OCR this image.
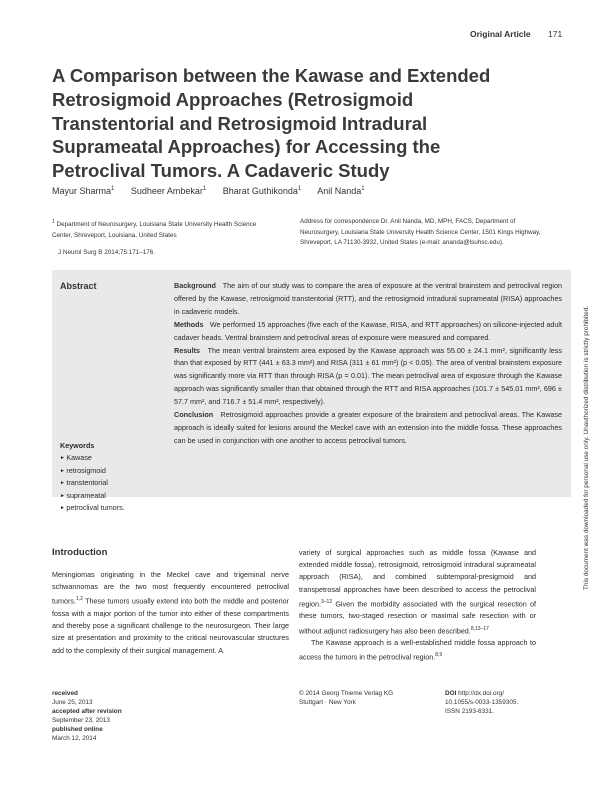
Original Article 171
A Comparison between the Kawase and Extended Retrosigmoid Approaches (Retrosigmoid Transtentorial and Retrosigmoid Intradural Suprameatal Approaches) for Accessing the Petroclival Tumors. A Cadaveric Study
Mayur Sharma$^1$ Sudheer Ambekar$^1$ Bharat Guthikonda$^1$ Anil Nanda$^1$
$^1$ Department of Neurosurgery, Louisiana State University Health Science Center, Shreveport, Louisiana, United States
J Neurol Surg B 2014;75:171–176.
Address for correspondence Dr. Anil Nanda, MD, MPH, FACS, Department of Neurosurgery, Louisiana State University Health Science Center, 1501 Kings Highway, Shreveport, LA 71130-3932, United States (e-mail: ananda@lsuhsc.edu).
This document was downloaded for personal use only. Unauthorized distribution is strictly prohibited.
Abstract	Background The aim of our study was to compare the area of exposure at the ventral brainstem and petroclival region offered by the Kawase, retrosigmoid transtentorial (RTT), and the retrosigmoid intradural suprameatal (RISA) approaches in cadaveric models.

Methods We performed 15 approaches (five each of the Kawase, RISA, and RTT approaches) on silicone-injected adult cadaver heads. Ventral brainstem and petroclival areas of exposure were measured and compared.

Results The mean ventral brainstem area exposed by the Kawase approach was 55.00 ± 24.1 mm², significantly less than that exposed by RTT (441 ± 63.3 mm²) and RISA (311 ± 61 mm²) (p < 0.05). The area of ventral brainstem exposure was significantly more via RTT than through RISA (p = 0.01). The mean petroclival area of exposure through the Kawase approach was significantly smaller than that obtained through the RTT and RISA approaches (101.7 ± 545.01 mm², 696 ± 57.7 mm², and 716.7 ± 51.4 mm², respectively).

Conclusion Retrosigmoid approaches provide a greater exposure of the brainstem and petroclival areas. The Kawase approach is ideally suited for lesions around the Meckel cave with an extension into the middle fossa. These approaches can be used in conjunction with one another to access petroclival tumors.

Keywords
► Kawase
► retrosigmoid
► transtentorial
► suprameatal
► petroclival tumors.
Introduction

Meningiomas originating in the Meckel cave and trigeminal nerve schwannomas are the two most frequently encountered petroclival tumors.$^{1,2}$ These tumors usually extend into both the middle and posterior fossa with a major portion of the tumor into either of these compartments and thereby pose a significant challenge to the neurosurgeon. Their large size at presentation and proximity to the critical neurovascular structures add to the complexity of their surgical management. A

variety of surgical approaches such as middle fossa (Kawase and extended middle fossa), retrosigmoid, retrosigmoid intradural suprameatal approach (RISA), and combined subtemporal-presigmoid and transpetrosal approaches have been described to access the petroclival region.$^{3-12}$ Given the morbidity associated with the surgical resection of these tumors, two-staged resection or maximal safe resection with or without adjunct radiosurgery has also been described.$^{8,13-17}$

The Kawase approach is a well-established middle fossa approach to access the tumors in the petroclival region.$^{8,9}$

received
June 25, 2013
accepted after revision
September 23, 2013
published online
March 12, 2014
© 2014 Georg Thieme Verlag KG
Stuttgart · New York
DOI http://dx.doi.org/
10.1055/s-0033-1359305.
ISSN 2193-6331.
